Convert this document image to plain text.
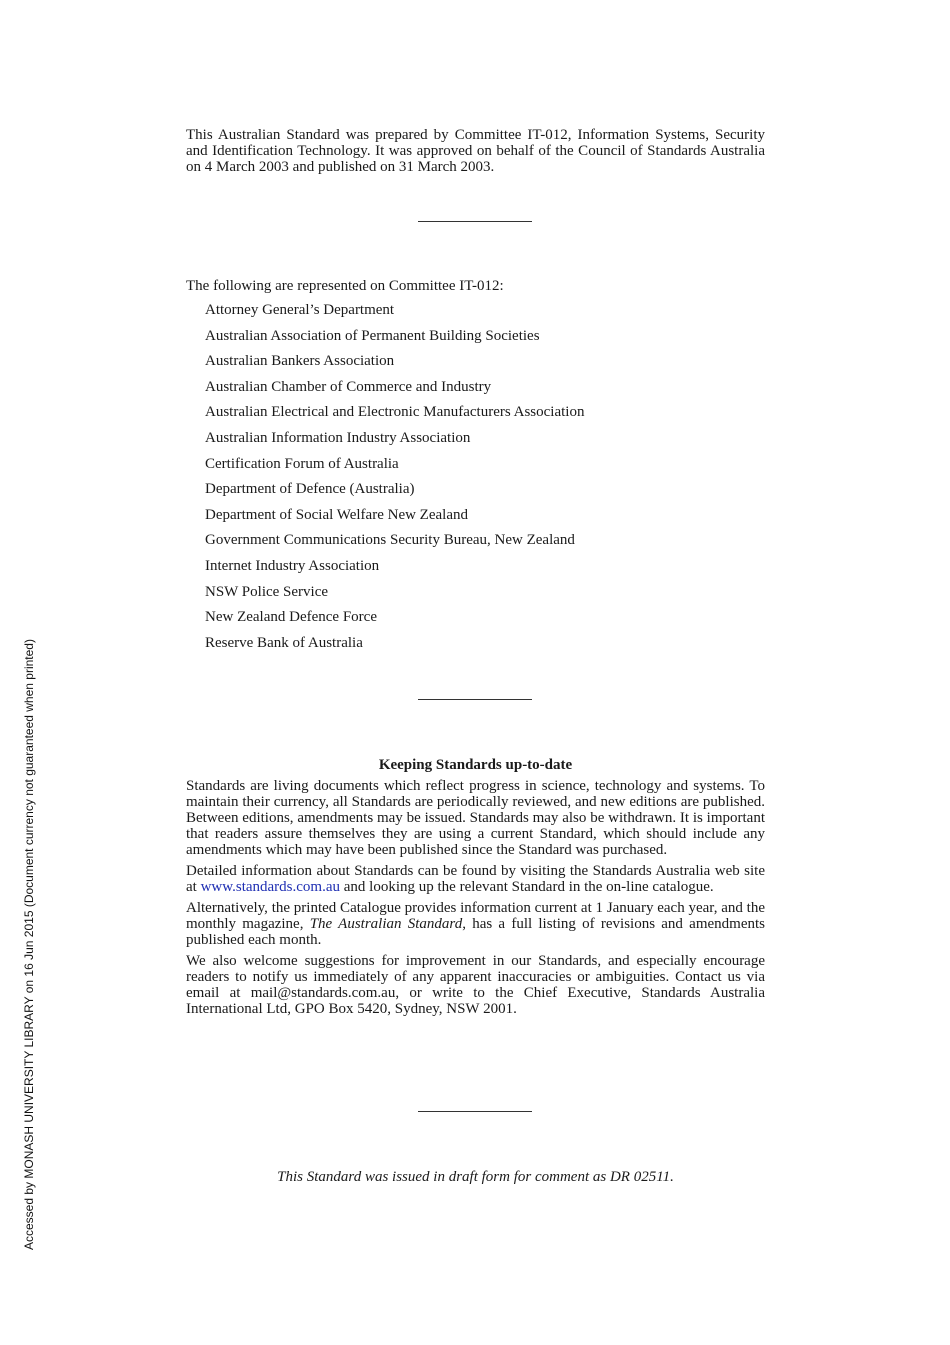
Accessed by MONASH UNIVERSITY LIBRARY on 16 Jun 2015 (Document currency not guaranteed when printed)
This Australian Standard was prepared by Committee IT-012, Information Systems, Security and Identification Technology. It was approved on behalf of the Council of Standards Australia on 4 March 2003 and published on 31 March 2003.
The following are represented on Committee IT-012:
Attorney General’s Department
Australian Association of Permanent Building Societies
Australian Bankers Association
Australian Chamber of Commerce and Industry
Australian Electrical and Electronic Manufacturers Association
Australian Information Industry Association
Certification Forum of Australia
Department of Defence (Australia)
Department of Social Welfare New Zealand
Government Communications Security Bureau, New Zealand
Internet Industry Association
NSW Police Service
New Zealand Defence Force
Reserve Bank of Australia
Keeping Standards up-to-date

Standards are living documents which reflect progress in science, technology and systems. To maintain their currency, all Standards are periodically reviewed, and new editions are published. Between editions, amendments may be issued. Standards may also be withdrawn. It is important that readers assure themselves they are using a current Standard, which should include any amendments which may have been published since the Standard was purchased.

Detailed information about Standards can be found by visiting the Standards Australia web site at www.standards.com.au and looking up the relevant Standard in the on-line catalogue.

Alternatively, the printed Catalogue provides information current at 1 January each year, and the monthly magazine, The Australian Standard, has a full listing of revisions and amendments published each month.

We also welcome suggestions for improvement in our Standards, and especially encourage readers to notify us immediately of any apparent inaccuracies or ambiguities. Contact us via email at mail@standards.com.au, or write to the Chief Executive, Standards Australia International Ltd, GPO Box 5420, Sydney, NSW 2001.

This Standard was issued in draft form for comment as DR 02511.
